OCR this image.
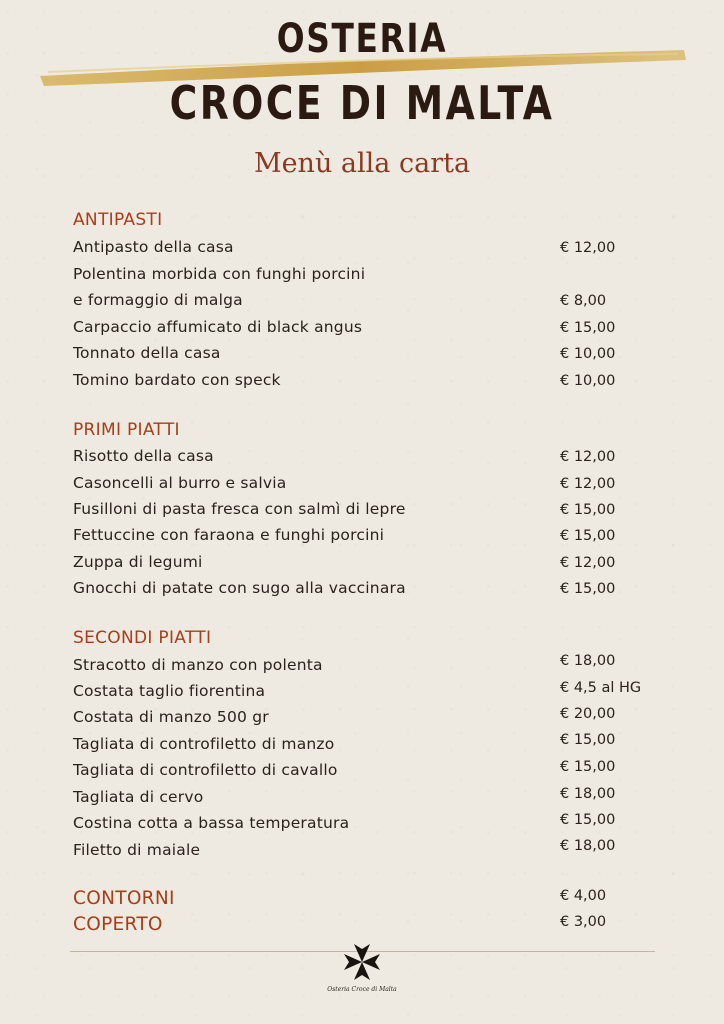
OSTERIA
CROCE DI MALTA
Menù alla carta
ANTIPASTI
Antipasto della casa	€ 12,00
Polentina morbida con funghi porcini
e formaggio di malga	€ 8,00
Carpaccio affumicato di black angus	€ 15,00
Tonnato della casa	€ 10,00
Tomino bardato con speck	€ 10,00
PRIMI PIATTI
Risotto della casa	€ 12,00
Casoncelli al burro e salvia	€ 12,00
Fusilloni di pasta fresca con salmì di lepre	€ 15,00
Fettuccine con faraona e funghi porcini	€ 15,00
Zuppa di legumi	€ 12,00
Gnocchi di patate con sugo alla vaccinara	€ 15,00
SECONDI PIATTI
Stracotto di manzo con polenta	€ 18,00
Costata taglio fiorentina	€ 4,5 al HG
Costata di manzo 500 gr	€ 20,00
Tagliata di controfiletto di manzo	€ 15,00
Tagliata di controfiletto di cavallo	€ 15,00
Tagliata di cervo	€ 18,00
Costina cotta a bassa temperatura	€ 15,00
Filetto di maiale	€ 18,00
CONTORNI	€ 4,00
COPERTO	€ 3,00
Osteria Croce di Malta
